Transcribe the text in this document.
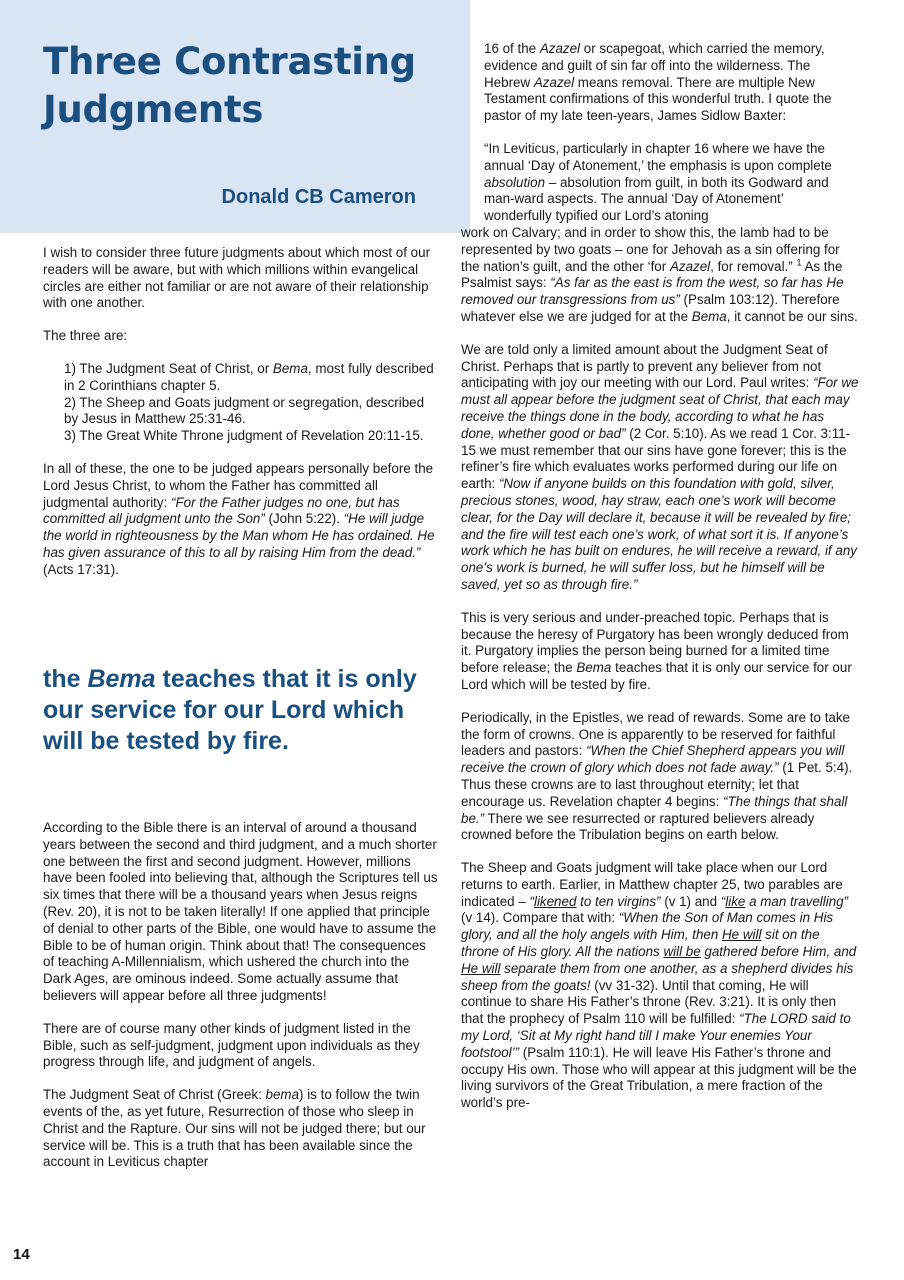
Three Contrasting
Judgments
Donald CB Cameron

I wish to consider three future judgments about which most of our readers will be aware, but with which millions within evangelical circles are either not familiar or are not aware of their relationship with one another.

The three are:

1) The Judgment Seat of Christ, or Bema, most fully described in 2 Corinthians chapter 5.
2) The Sheep and Goats judgment or segregation, described by Jesus in Matthew 25:31-46.
3) The Great White Throne judgment of Revelation 20:11-15.

In all of these, the one to be judged appears personally before the Lord Jesus Christ, to whom the Father has committed all judgmental authority: “For the Father judges no one, but has committed all judgment unto the Son” (John 5:22). “He will judge the world in righteousness by the Man whom He has ordained. He has given assurance of this to all by raising Him from the dead.” (Acts 17:31).

the Bema teaches that it is only our service for our Lord which will be tested by fire.

According to the Bible there is an interval of around a thousand years between the second and third judgment, and a much shorter one between the first and second judgment. However, millions have been fooled into believing that, although the Scriptures tell us six times that there will be a thousand years when Jesus reigns (Rev. 20), it is not to be taken literally! If one applied that principle of denial to other parts of the Bible, one would have to assume the Bible to be of human origin. Think about that! The consequences of teaching A-Millennialism, which ushered the church into the Dark Ages, are ominous indeed. Some actually assume that believers will appear before all three judgments!

There are of course many other kinds of judgment listed in the Bible, such as self-judgment, judgment upon individuals as they progress through life, and judgment of angels.

The Judgment Seat of Christ (Greek: bema) is to follow the twin events of the, as yet future, Resurrection of those who sleep in Christ and the Rapture. Our sins will not be judged there; but our service will be. This is a truth that has been available since the account in Leviticus chapter

16 of the Azazel or scapegoat, which carried the memory, evidence and guilt of sin far off into the wilderness. The Hebrew Azazel means removal. There are multiple New Testament confirmations of this wonderful truth. I quote the pastor of my late teen-years, James Sidlow Baxter:

“In Leviticus, particularly in chapter 16 where we have the annual ‘Day of Atonement,’ the emphasis is upon complete absolution – absolution from guilt, in both its Godward and man-ward aspects. The annual ‘Day of Atonement’ wonderfully typified our Lord’s atoning

work on Calvary; and in order to show this, the lamb had to be represented by two goats – one for Jehovah as a sin offering for the nation’s guilt, and the other ‘for Azazel, for removal.” $^1$ As the Psalmist says: “As far as the east is from the west, so far has He removed our transgressions from us” (Psalm 103:12). Therefore whatever else we are judged for at the Bema, it cannot be our sins.

We are told only a limited amount about the Judgment Seat of Christ. Perhaps that is partly to prevent any believer from not anticipating with joy our meeting with our Lord. Paul writes: “For we must all appear before the judgment seat of Christ, that each may receive the things done in the body, according to what he has done, whether good or bad” (2 Cor. 5:10). As we read 1 Cor. 3:11-15 we must remember that our sins have gone forever; this is the refiner’s fire which evaluates works performed during our life on earth: “Now if anyone builds on this foundation with gold, silver, precious stones, wood, hay straw, each one’s work will become clear, for the Day will declare it, because it will be revealed by fire; and the fire will test each one’s work, of what sort it is. If anyone’s work which he has built on endures, he will receive a reward, if any one’s work is burned, he will suffer loss, but he himself will be saved, yet so as through fire.”

This is very serious and under-preached topic. Perhaps that is because the heresy of Purgatory has been wrongly deduced from it. Purgatory implies the person being burned for a limited time before release; the Bema teaches that it is only our service for our Lord which will be tested by fire.

Periodically, in the Epistles, we read of rewards. Some are to take the form of crowns. One is apparently to be reserved for faithful leaders and pastors: “When the Chief Shepherd appears you will receive the crown of glory which does not fade away.” (1 Pet. 5:4). Thus these crowns are to last throughout eternity; let that encourage us. Revelation chapter 4 begins: “The things that shall be.” There we see resurrected or raptured believers already crowned before the Tribulation begins on earth below.

The Sheep and Goats judgment will take place when our Lord returns to earth. Earlier, in Matthew chapter 25, two parables are indicated – “likened to ten virgins” (v 1) and “like a man travelling” (v 14). Compare that with: “When the Son of Man comes in His glory, and all the holy angels with Him, then He will sit on the throne of His glory. All the nations will be gathered before Him, and He will separate them from one another, as a shepherd divides his sheep from the goats! (vv 31-32). Until that coming, He will continue to share His Father’s throne (Rev. 3:21). It is only then that the prophecy of Psalm 110 will be fulfilled: “The LORD said to my Lord, ‘Sit at My right hand till I make Your enemies Your footstool’” (Psalm 110:1). He will leave His Father’s throne and occupy His own. Those who will appear at this judgment will be the living survivors of the Great Tribulation, a mere fraction of the world’s pre-

14
